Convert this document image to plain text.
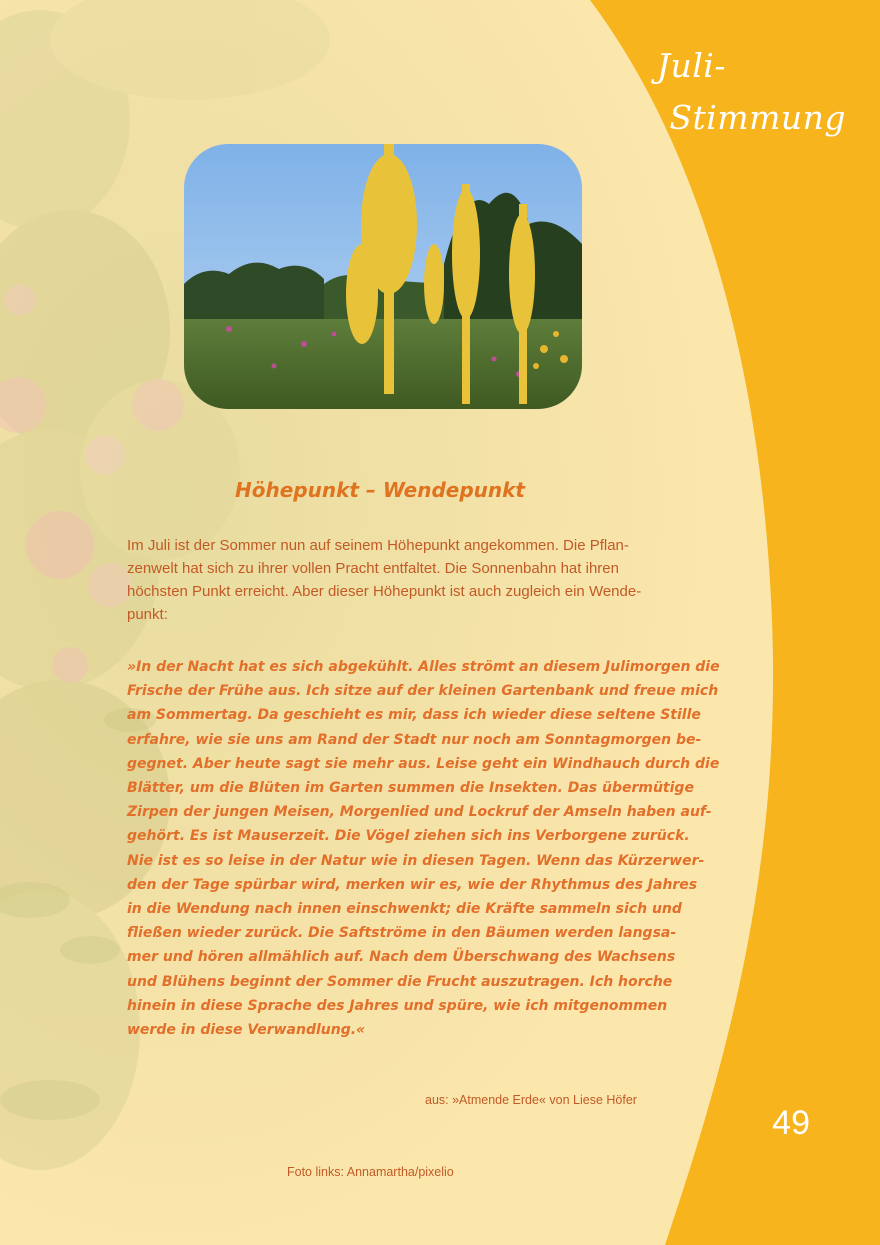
Juli-
Stimmung
Höhepunkt – Wendepunkt
Im Juli ist der Sommer nun auf seinem Höhepunkt angekommen. Die Pflan-
zenwelt hat sich zu ihrer vollen Pracht entfaltet. Die Sonnenbahn hat ihren
höchsten Punkt erreicht. Aber dieser Höhepunkt ist auch zugleich ein Wende-
punkt:
»In der Nacht hat es sich abgekühlt. Alles strömt an diesem Julimorgen die
Frische der Frühe aus. Ich sitze auf der kleinen Gartenbank und freue mich
am Sommertag. Da geschieht es mir, dass ich wieder diese seltene Stille
erfahre, wie sie uns am Rand der Stadt nur noch am Sonntagmorgen be-
gegnet. Aber heute sagt sie mehr aus. Leise geht ein Windhauch durch die
Blätter, um die Blüten im Garten summen die Insekten. Das übermütige
Zirpen der jungen Meisen, Morgenlied und Lockruf der Amseln haben auf-
gehört. Es ist Mauserzeit. Die Vögel ziehen sich ins Verborgene zurück.
Nie ist es so leise in der Natur wie in diesen Tagen. Wenn das Kürzerwer-
den der Tage spürbar wird, merken wir es, wie der Rhythmus des Jahres
in die Wendung nach innen einschwenkt; die Kräfte sammeln sich und
fließen wieder zurück. Die Saftströme in den Bäumen werden langsa-
mer und hören allmählich auf. Nach dem Überschwang des Wachsens
und Blühens beginnt der Sommer die Frucht auszutragen. Ich horche
hinein in diese Sprache des Jahres und spüre, wie ich mitgenommen
werde in diese Verwandlung.«
aus: »Atmende Erde« von Liese Höfer
49
Foto links: Annamartha/pixelio
